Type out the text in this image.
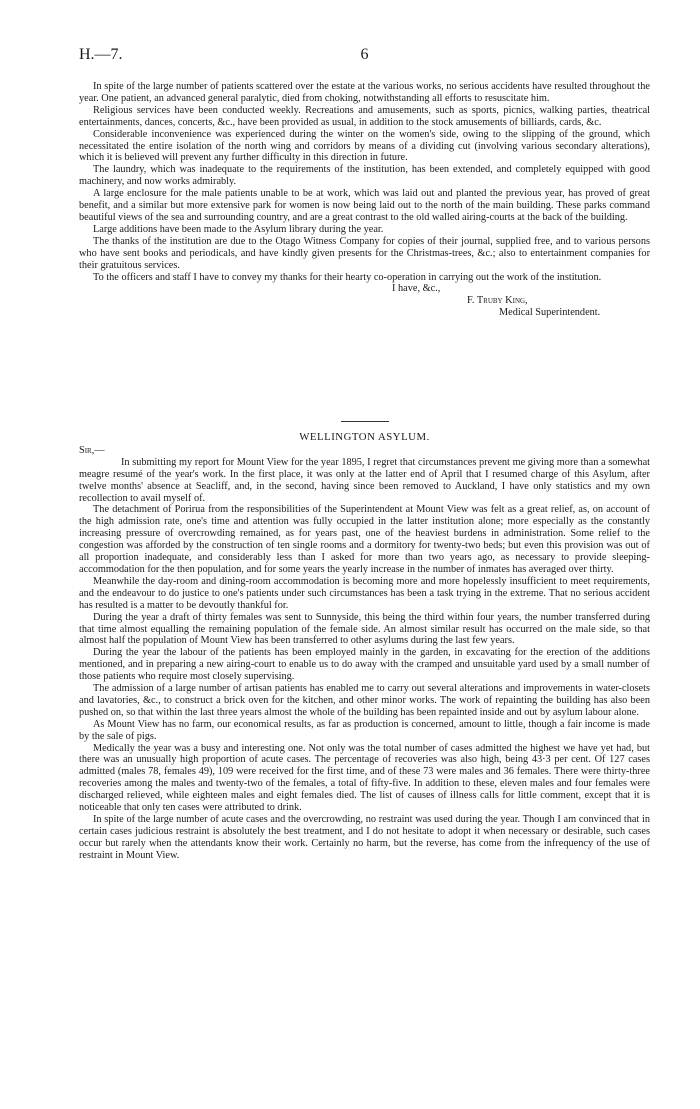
H.—7.	6

In spite of the large number of patients scattered over the estate at the various works, no serious accidents have resulted throughout the year. One patient, an advanced general paralytic, died from choking, notwithstanding all efforts to resuscitate him.

Religious services have been conducted weekly. Recreations and amusements, such as sports, picnics, walking parties, theatrical entertainments, dances, concerts, &c., have been provided as usual, in addition to the stock amusements of billiards, cards, &c.

Considerable inconvenience was experienced during the winter on the women's side, owing to the slipping of the ground, which necessitated the entire isolation of the north wing and corridors by means of a dividing cut (involving various secondary alterations), which it is believed will prevent any further difficulty in this direction in future.

The laundry, which was inadequate to the requirements of the institution, has been extended, and completely equipped with good machinery, and now works admirably.

A large enclosure for the male patients unable to be at work, which was laid out and planted the previous year, has proved of great benefit, and a similar but more extensive park for women is now being laid out to the north of the main building. These parks command beautiful views of the sea and surrounding country, and are a great contrast to the old walled airing-courts at the back of the building.

Large additions have been made to the Asylum library during the year.

The thanks of the institution are due to the Otago Witness Company for copies of their journal, supplied free, and to various persons who have sent books and periodicals, and have kindly given presents for the Christmas-trees, &c.; also to entertainment companies for their gratuitous services.

To the officers and staff I have to convey my thanks for their hearty co-operation in carrying out the work of the institution.

I have, &c.,
F. Truby King,
Medical Superintendent.
WELLINGTON ASYLUM.

Sir,—

In submitting my report for Mount View for the year 1895, I regret that circumstances prevent me giving more than a somewhat meagre resumé of the year's work. In the first place, it was only at the latter end of April that I resumed charge of this Asylum, after twelve months' absence at Seacliff, and, in the second, having since been removed to Auckland, I have only statistics and my own recollection to avail myself of.

The detachment of Porirua from the responsibilities of the Superintendent at Mount View was felt as a great relief, as, on account of the high admission rate, one's time and attention was fully occupied in the latter institution alone; more especially as the constantly increasing pressure of overcrowding remained, as for years past, one of the heaviest burdens in administration. Some relief to the congestion was afforded by the construction of ten single rooms and a dormitory for twenty-two beds; but even this provision was out of all proportion inadequate, and considerably less than I asked for more than two years ago, as necessary to provide sleeping-accommodation for the then population, and for some years the yearly increase in the number of inmates has averaged over thirty.

Meanwhile the day-room and dining-room accommodation is becoming more and more hopelessly insufficient to meet requirements, and the endeavour to do justice to one's patients under such circumstances has been a task trying in the extreme. That no serious accident has resulted is a matter to be devoutly thankful for.

During the year a draft of thirty females was sent to Sunnyside, this being the third within four years, the number transferred during that time almost equalling the remaining population of the female side. An almost similar result has occurred on the male side, so that almost half the population of Mount View has been transferred to other asylums during the last few years.

During the year the labour of the patients has been employed mainly in the garden, in excavating for the erection of the additions mentioned, and in preparing a new airing-court to enable us to do away with the cramped and unsuitable yard used by a small number of those patients who require most closely supervising.

The admission of a large number of artisan patients has enabled me to carry out several alterations and improvements in water-closets and lavatories, &c., to construct a brick oven for the kitchen, and other minor works. The work of repainting the building has also been pushed on, so that within the last three years almost the whole of the building has been repainted inside and out by asylum labour alone.

As Mount View has no farm, our economical results, as far as production is concerned, amount to little, though a fair income is made by the sale of pigs.

Medically the year was a busy and interesting one. Not only was the total number of cases admitted the highest we have yet had, but there was an unusually high proportion of acute cases. The percentage of recoveries was also high, being 43·3 per cent. Of 127 cases admitted (males 78, females 49), 109 were received for the first time, and of these 73 were males and 36 females. There were thirty-three recoveries among the males and twenty-two of the females, a total of fifty-five. In addition to these, eleven males and four females were discharged relieved, while eighteen males and eight females died. The list of causes of illness calls for little comment, except that it is noticeable that only ten cases were attributed to drink.

In spite of the large number of acute cases and the overcrowding, no restraint was used during the year. Though I am convinced that in certain cases judicious restraint is absolutely the best treatment, and I do not hesitate to adopt it when necessary or desirable, such cases occur but rarely when the attendants know their work. Certainly no harm, but the reverse, has come from the infrequency of the use of restraint in Mount View.
